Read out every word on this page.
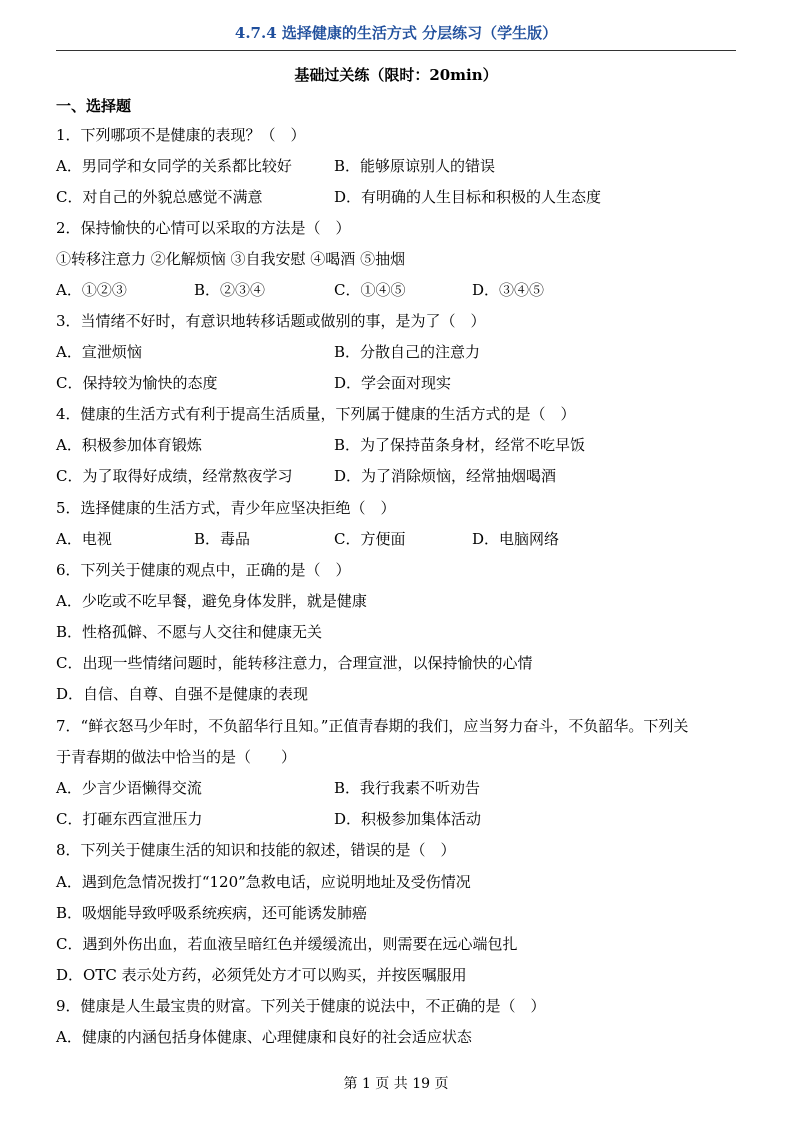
4.7.4 选择健康的生活方式 分层练习（学生版）
基础过关练（限时：20min）
一、选择题
1．下列哪项不是健康的表现？（　）
A．男同学和女同学的关系都比较好	B．能够原谅别人的错误
C．对自己的外貌总感觉不满意	D．有明确的人生目标和积极的人生态度
2．保持愉快的心情可以采取的方法是（　）
①转移注意力 ②化解烦恼 ③自我安慰 ④喝酒 ⑤抽烟
A．①②③	B．②③④	C．①④⑤	D．③④⑤
3．当情绪不好时，有意识地转移话题或做别的事，是为了（　）
A．宣泄烦恼	B．分散自己的注意力
C．保持较为愉快的态度	D．学会面对现实
4．健康的生活方式有利于提高生活质量，下列属于健康的生活方式的是（　）
A．积极参加体育锻炼	B．为了保持苗条身材，经常不吃早饭
C．为了取得好成绩，经常熬夜学习	D．为了消除烦恼，经常抽烟喝酒
5．选择健康的生活方式，青少年应坚决拒绝（　）
A．电视	B．毒品	C．方便面	D．电脑网络
6．下列关于健康的观点中，正确的是（　）
A．少吃或不吃早餐，避免身体发胖，就是健康
B．性格孤僻、不愿与人交往和健康无关
C．出现一些情绪问题时，能转移注意力，合理宣泄，以保持愉快的心情
D．自信、自尊、自强不是健康的表现
7．“鲜衣怒马少年时，不负韶华行且知。”正值青春期的我们，应当努力奋斗，不负韶华。下列关
于青春期的做法中恰当的是（　　）
A．少言少语懒得交流	B．我行我素不听劝告
C．打砸东西宣泄压力	D．积极参加集体活动
8．下列关于健康生活的知识和技能的叙述，错误的是（　）
A．遇到危急情况拨打“120”急救电话，应说明地址及受伤情况
B．吸烟能导致呼吸系统疾病，还可能诱发肺癌
C．遇到外伤出血，若血液呈暗红色并缓缓流出，则需要在远心端包扎
D．OTC 表示处方药，必须凭处方才可以购买，并按医嘱服用
9．健康是人生最宝贵的财富。下列关于健康的说法中，不正确的是（　）
A．健康的内涵包括身体健康、心理健康和良好的社会适应状态
第 1 页 共 19 页
